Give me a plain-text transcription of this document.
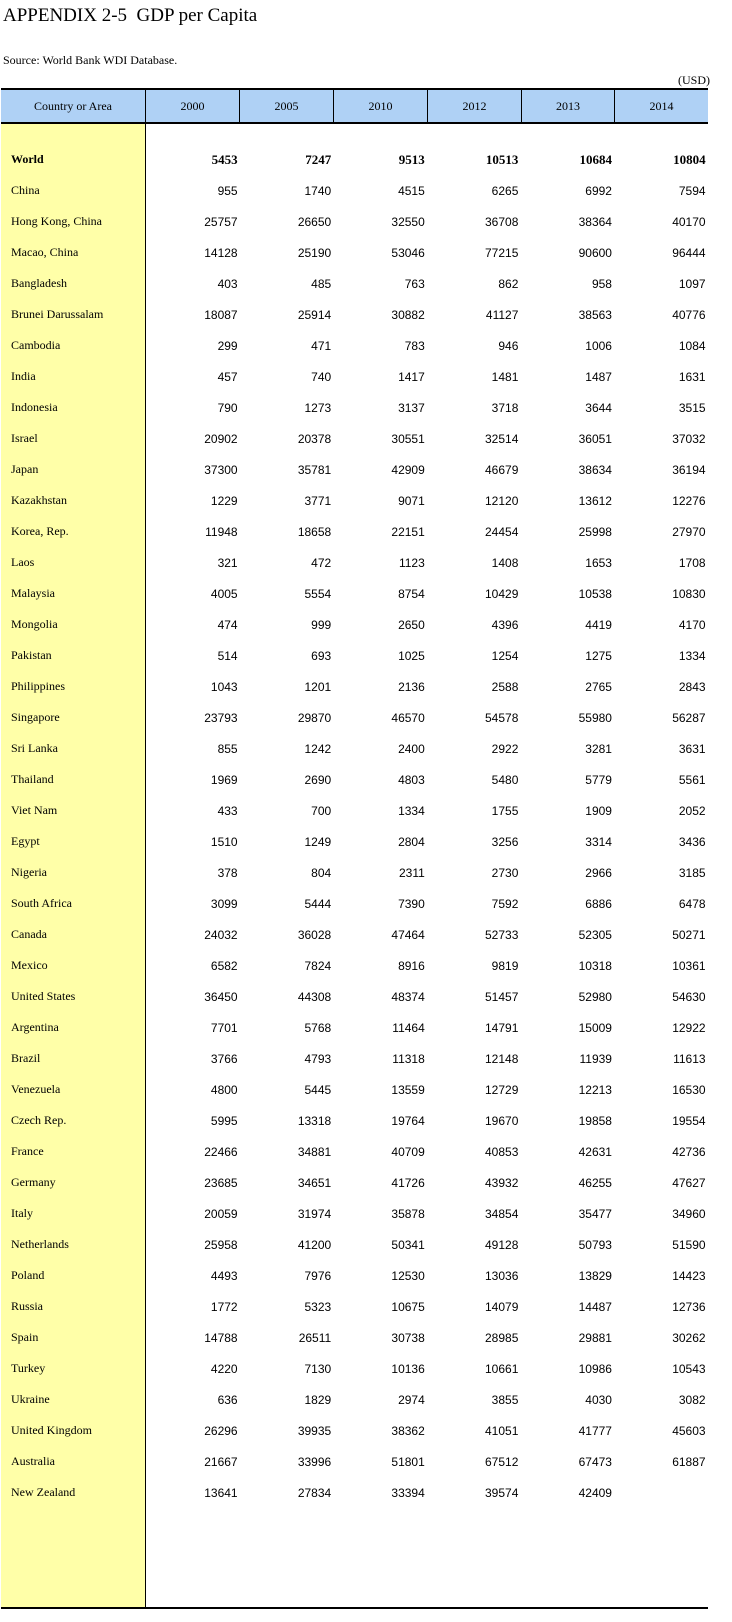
APPENDIX 2-5  GDP per Capita
Source: World Bank WDI Database.
(USD)
Country or Area	2000	2005	2010	2012	2013	2014
World	5453	7247	9513	10513	10684	10804
China	955	1740	4515	6265	6992	7594
Hong Kong, China	25757	26650	32550	36708	38364	40170
Macao, China	14128	25190	53046	77215	90600	96444
Bangladesh	403	485	763	862	958	1097
Brunei Darussalam	18087	25914	30882	41127	38563	40776
Cambodia	299	471	783	946	1006	1084
India	457	740	1417	1481	1487	1631
Indonesia	790	1273	3137	3718	3644	3515
Israel	20902	20378	30551	32514	36051	37032
Japan	37300	35781	42909	46679	38634	36194
Kazakhstan	1229	3771	9071	12120	13612	12276
Korea, Rep.	11948	18658	22151	24454	25998	27970
Laos	321	472	1123	1408	1653	1708
Malaysia	4005	5554	8754	10429	10538	10830
Mongolia	474	999	2650	4396	4419	4170
Pakistan	514	693	1025	1254	1275	1334
Philippines	1043	1201	2136	2588	2765	2843
Singapore	23793	29870	46570	54578	55980	56287
Sri Lanka	855	1242	2400	2922	3281	3631
Thailand	1969	2690	4803	5480	5779	5561
Viet Nam	433	700	1334	1755	1909	2052
Egypt	1510	1249	2804	3256	3314	3436
Nigeria	378	804	2311	2730	2966	3185
South Africa	3099	5444	7390	7592	6886	6478
Canada	24032	36028	47464	52733	52305	50271
Mexico	6582	7824	8916	9819	10318	10361
United States	36450	44308	48374	51457	52980	54630
Argentina	7701	5768	11464	14791	15009	12922
Brazil	3766	4793	11318	12148	11939	11613
Venezuela	4800	5445	13559	12729	12213	16530
Czech Rep.	5995	13318	19764	19670	19858	19554
France	22466	34881	40709	40853	42631	42736
Germany	23685	34651	41726	43932	46255	47627
Italy	20059	31974	35878	34854	35477	34960
Netherlands	25958	41200	50341	49128	50793	51590
Poland	4493	7976	12530	13036	13829	14423
Russia	1772	5323	10675	14079	14487	12736
Spain	14788	26511	30738	28985	29881	30262
Turkey	4220	7130	10136	10661	10986	10543
Ukraine	636	1829	2974	3855	4030	3082
United Kingdom	26296	39935	38362	41051	41777	45603
Australia	21667	33996	51801	67512	67473	61887
New Zealand	13641	27834	33394	39574	42409
